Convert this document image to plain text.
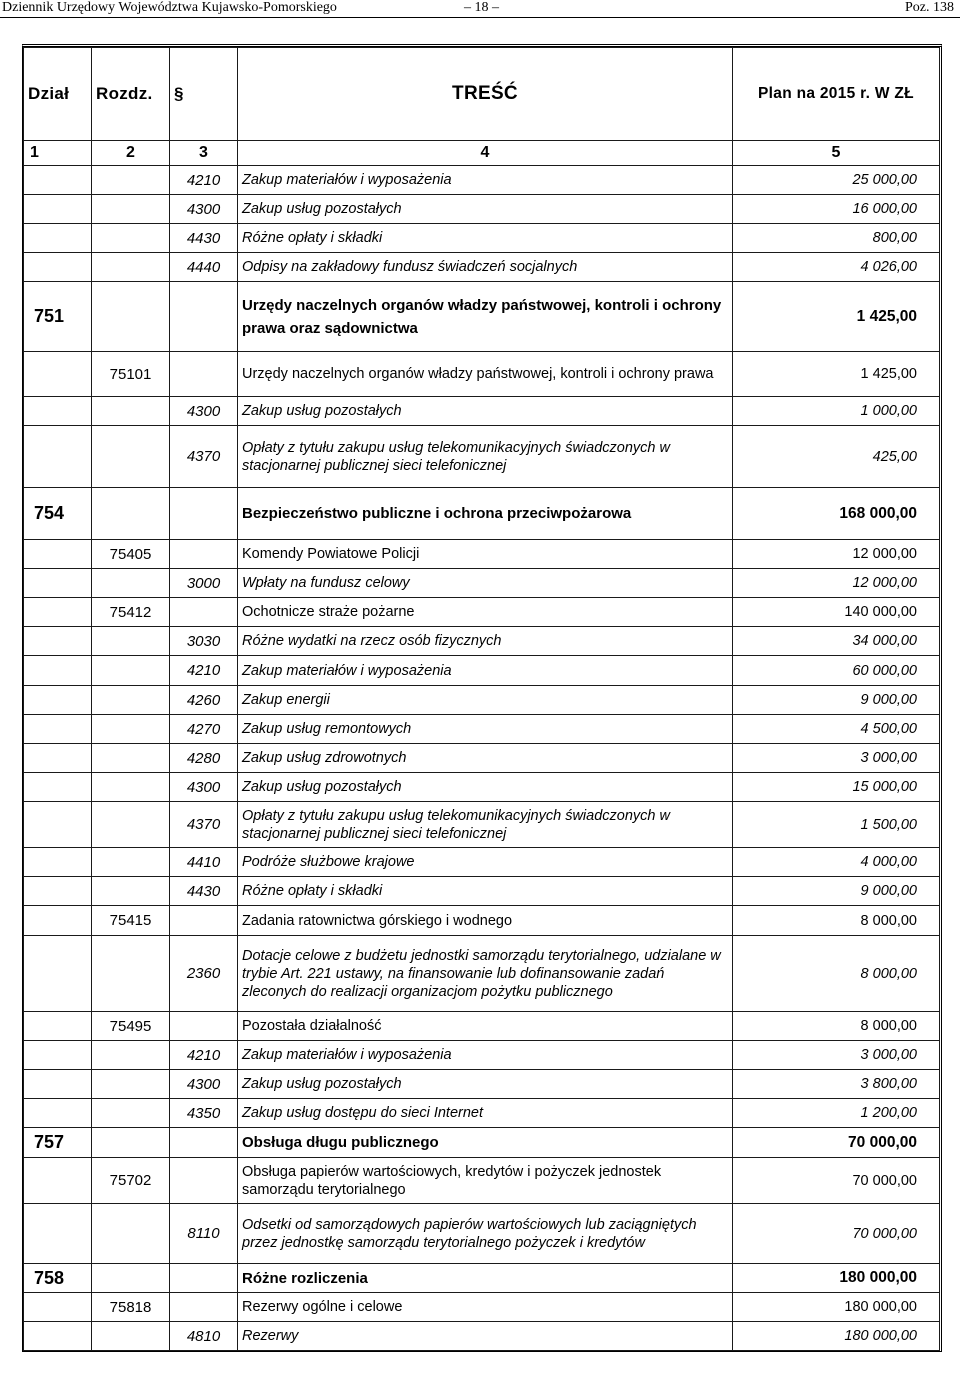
Dziennik Urzędowy Województwa Kujawsko-Pomorskiego	– 18 –	Poz. 138
Dział	Rozdz.	§	TREŚĆ	Plan na 2015 r. W ZŁ
1	2	3	4	5
		4210	Zakup materiałów i wyposażenia	25 000,00
		4300	Zakup usług pozostałych	16 000,00
		4430	Różne opłaty i składki	800,00
		4440	Odpisy na zakładowy fundusz świadczeń socjalnych	4 026,00
751			Urzędy naczelnych organów władzy państwowej, kontroli i ochrony prawa oraz sądownictwa	1 425,00
	75101		Urzędy naczelnych organów władzy państwowej, kontroli i ochrony prawa	1 425,00
		4300	Zakup usług pozostałych	1 000,00
		4370	Opłaty z tytułu zakupu usług telekomunikacyjnych świadczonych w stacjonarnej publicznej sieci telefonicznej	425,00
754			Bezpieczeństwo publiczne i ochrona przeciwpożarowa	168 000,00
	75405		Komendy Powiatowe Policji	12 000,00
		3000	Wpłaty na fundusz celowy	12 000,00
	75412		Ochotnicze straże pożarne	140 000,00
		3030	Różne wydatki na rzecz osób fizycznych	34 000,00
		4210	Zakup materiałów i wyposażenia	60 000,00
		4260	Zakup energii	9 000,00
		4270	Zakup usług remontowych	4 500,00
		4280	Zakup usług zdrowotnych	3 000,00
		4300	Zakup usług pozostałych	15 000,00
		4370	Opłaty z tytułu zakupu usług telekomunikacyjnych świadczonych w stacjonarnej publicznej sieci telefonicznej	1 500,00
		4410	Podróże służbowe krajowe	4 000,00
		4430	Różne opłaty i składki	9 000,00
	75415		Zadania ratownictwa górskiego i wodnego	8 000,00
		2360	Dotacje celowe z budżetu jednostki samorządu terytorialnego, udzialane w trybie Art. 221 ustawy, na finansowanie lub dofinansowanie zadań zleconych do realizacji organizacjom pożytku publicznego	8 000,00
	75495		Pozostała działalność	8 000,00
		4210	Zakup materiałów i wyposażenia	3 000,00
		4300	Zakup usług pozostałych	3 800,00
		4350	Zakup usług dostępu do sieci Internet	1 200,00
757			Obsługa długu publicznego	70 000,00
	75702		Obsługa papierów wartościowych, kredytów i pożyczek jednostek samorządu terytorialnego	70 000,00
		8110	Odsetki od samorządowych papierów wartościowych lub zaciągniętych przez jednostkę samorządu terytorialnego pożyczek i kredytów	70 000,00
758			Różne rozliczenia	180 000,00
	75818		Rezerwy ogólne i celowe	180 000,00
		4810	Rezerwy	180 000,00
